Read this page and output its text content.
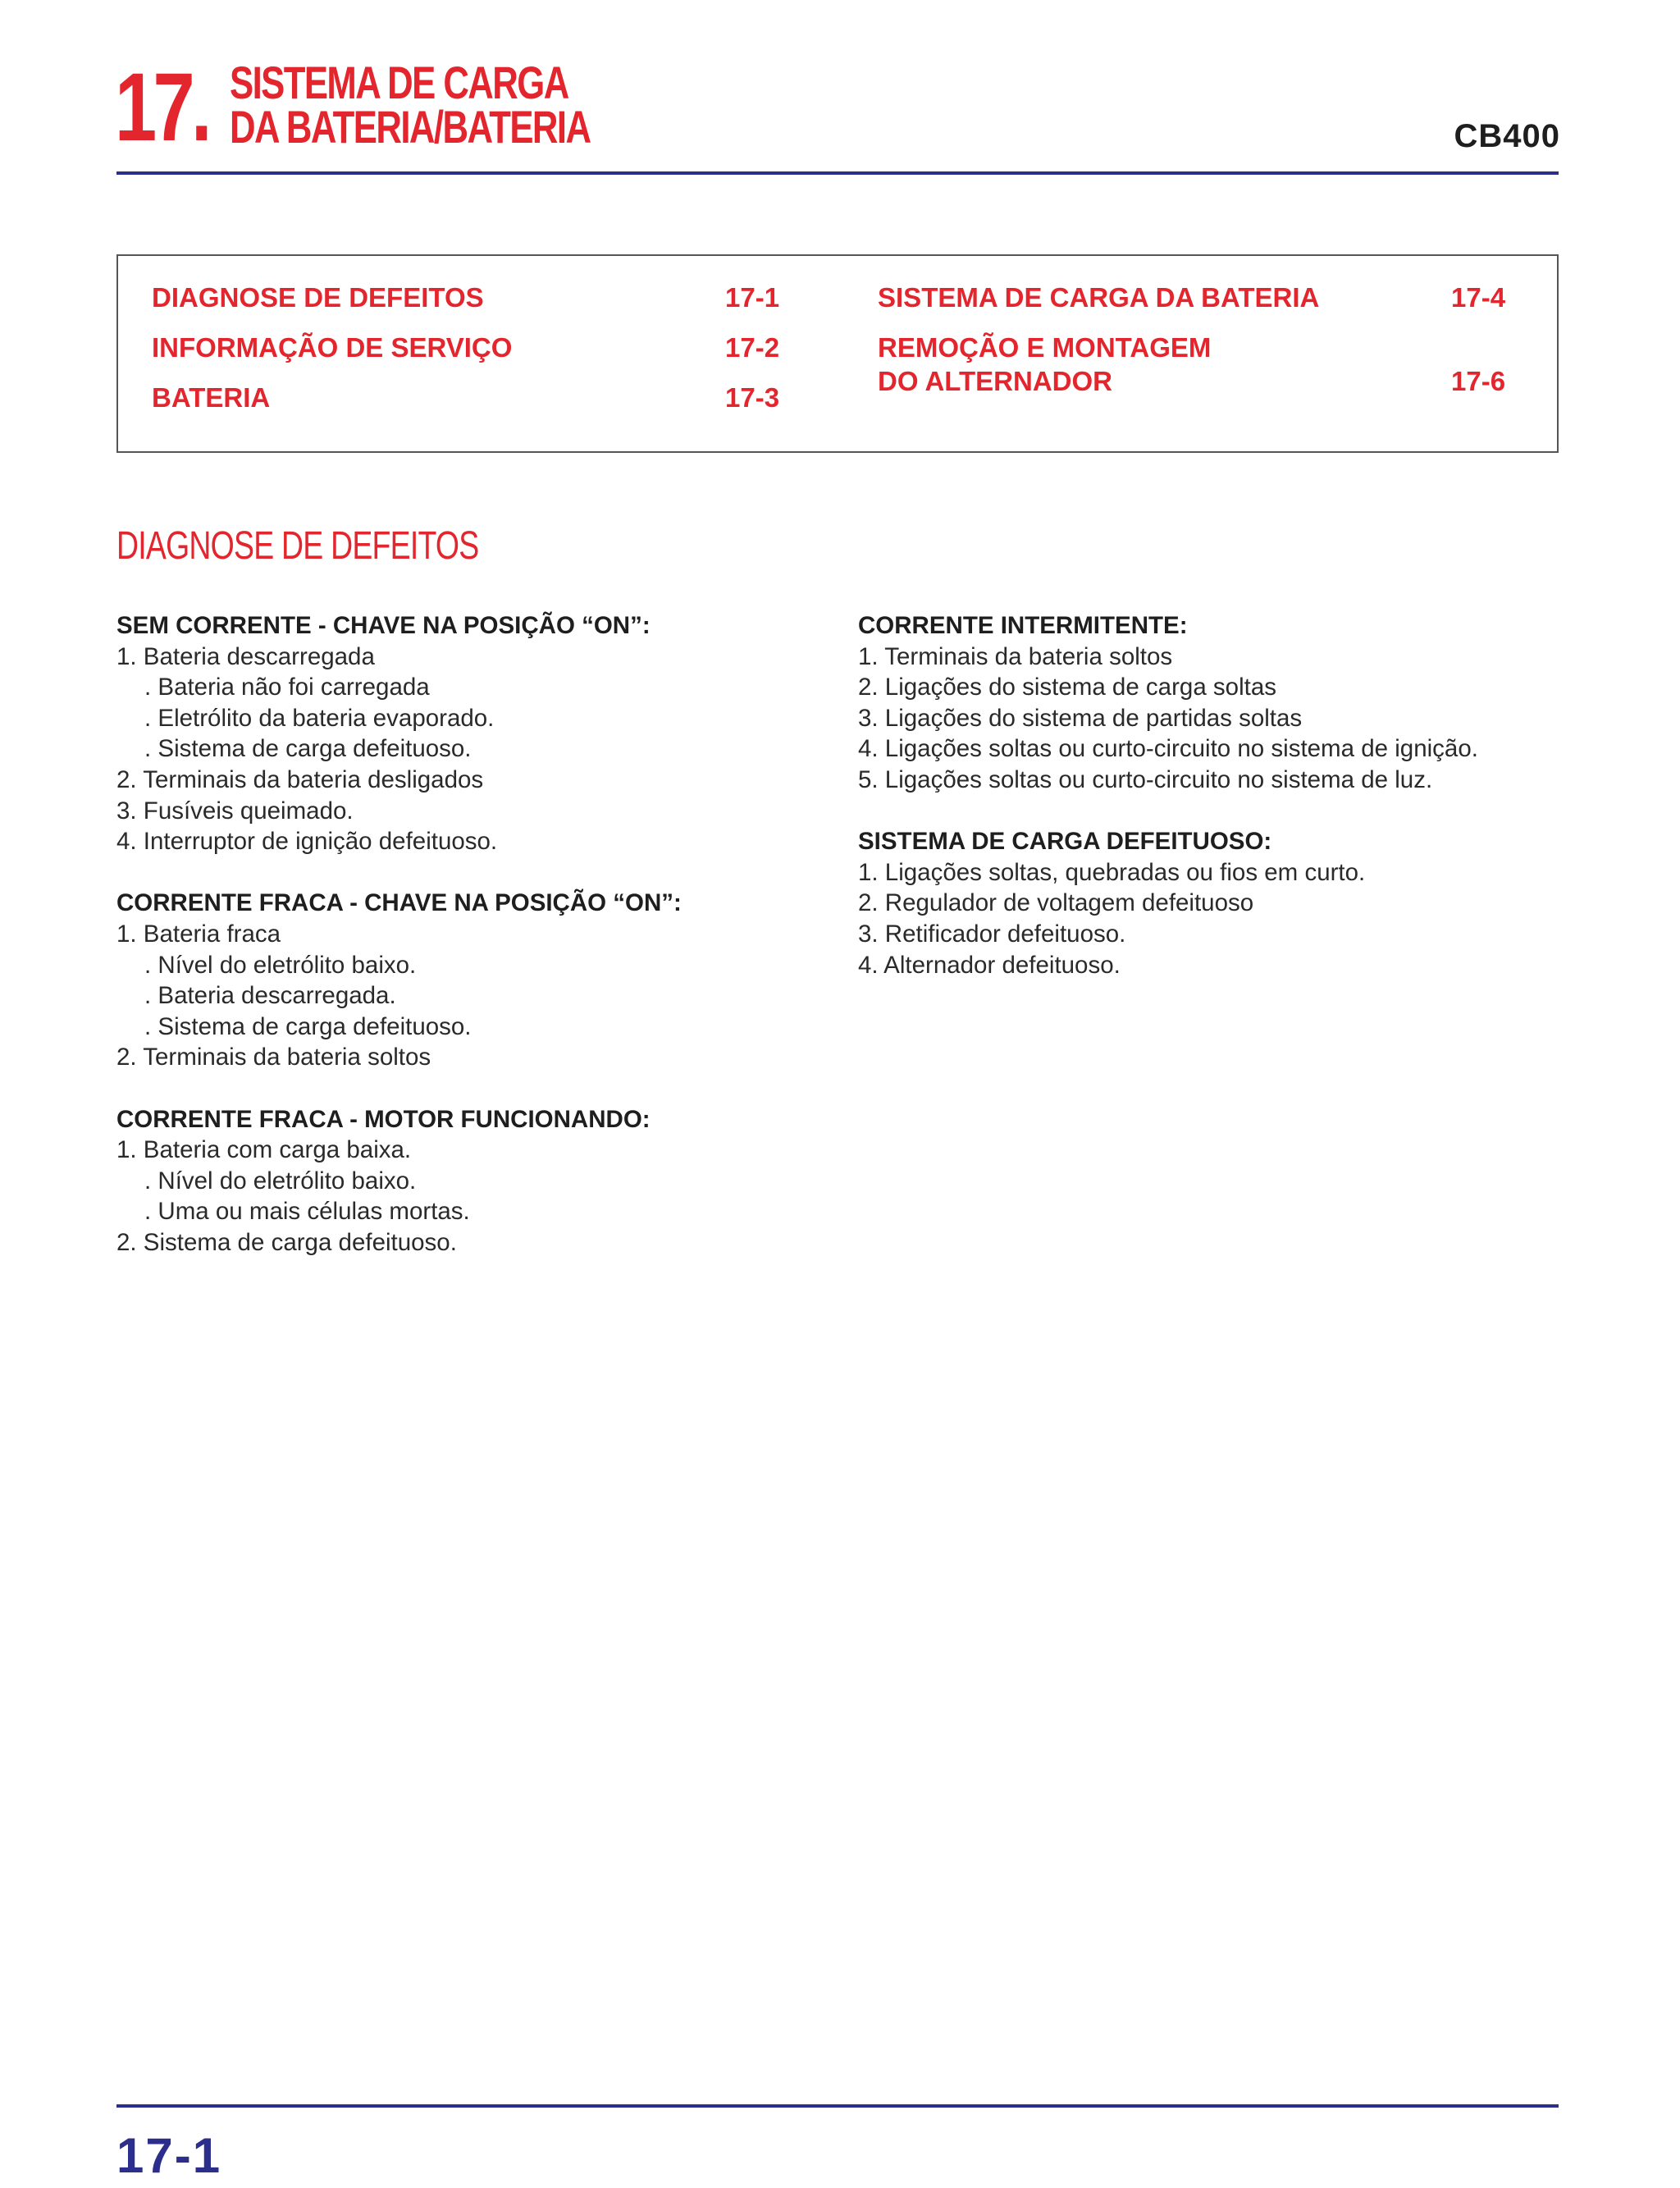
17. SISTEMA DE CARGA
DA BATERIA/BATERIA	CB400
DIAGNOSE DE DEFEITOS	17-1
INFORMAÇÃO DE SERVIÇO	17-2
BATERIA	17-3
SISTEMA DE CARGA DA BATERIA	17-4
REMOÇÃO E MONTAGEM
DO ALTERNADOR	17-6
DIAGNOSE DE DEFEITOS
SEM CORRENTE - CHAVE NA POSIÇÃO “ON”:
1. Bateria descarregada
. Bateria não foi carregada
. Eletrólito da bateria evaporado.
. Sistema de carga defeituoso.
2. Terminais da bateria desligados
3. Fusíveis queimado.
4. Interruptor de ignição defeituoso.
CORRENTE FRACA - CHAVE NA POSIÇÃO “ON”:
1. Bateria fraca
. Nível do eletrólito baixo.
. Bateria descarregada.
. Sistema de carga defeituoso.
2. Terminais da bateria soltos
CORRENTE FRACA - MOTOR FUNCIONANDO:
1. Bateria com carga baixa.
. Nível do eletrólito baixo.
. Uma ou mais células mortas.
2. Sistema de carga defeituoso.
CORRENTE INTERMITENTE:
1. Terminais da bateria soltos
2. Ligações do sistema de carga soltas
3. Ligações do sistema de partidas soltas
4. Ligações soltas ou curto-circuito no sistema de ignição.
5. Ligações soltas ou curto-circuito no sistema de luz.
SISTEMA DE CARGA DEFEITUOSO:
1. Ligações soltas, quebradas ou fios em curto.
2. Regulador de voltagem defeituoso
3. Retificador defeituoso.
4. Alternador defeituoso.
17-1
